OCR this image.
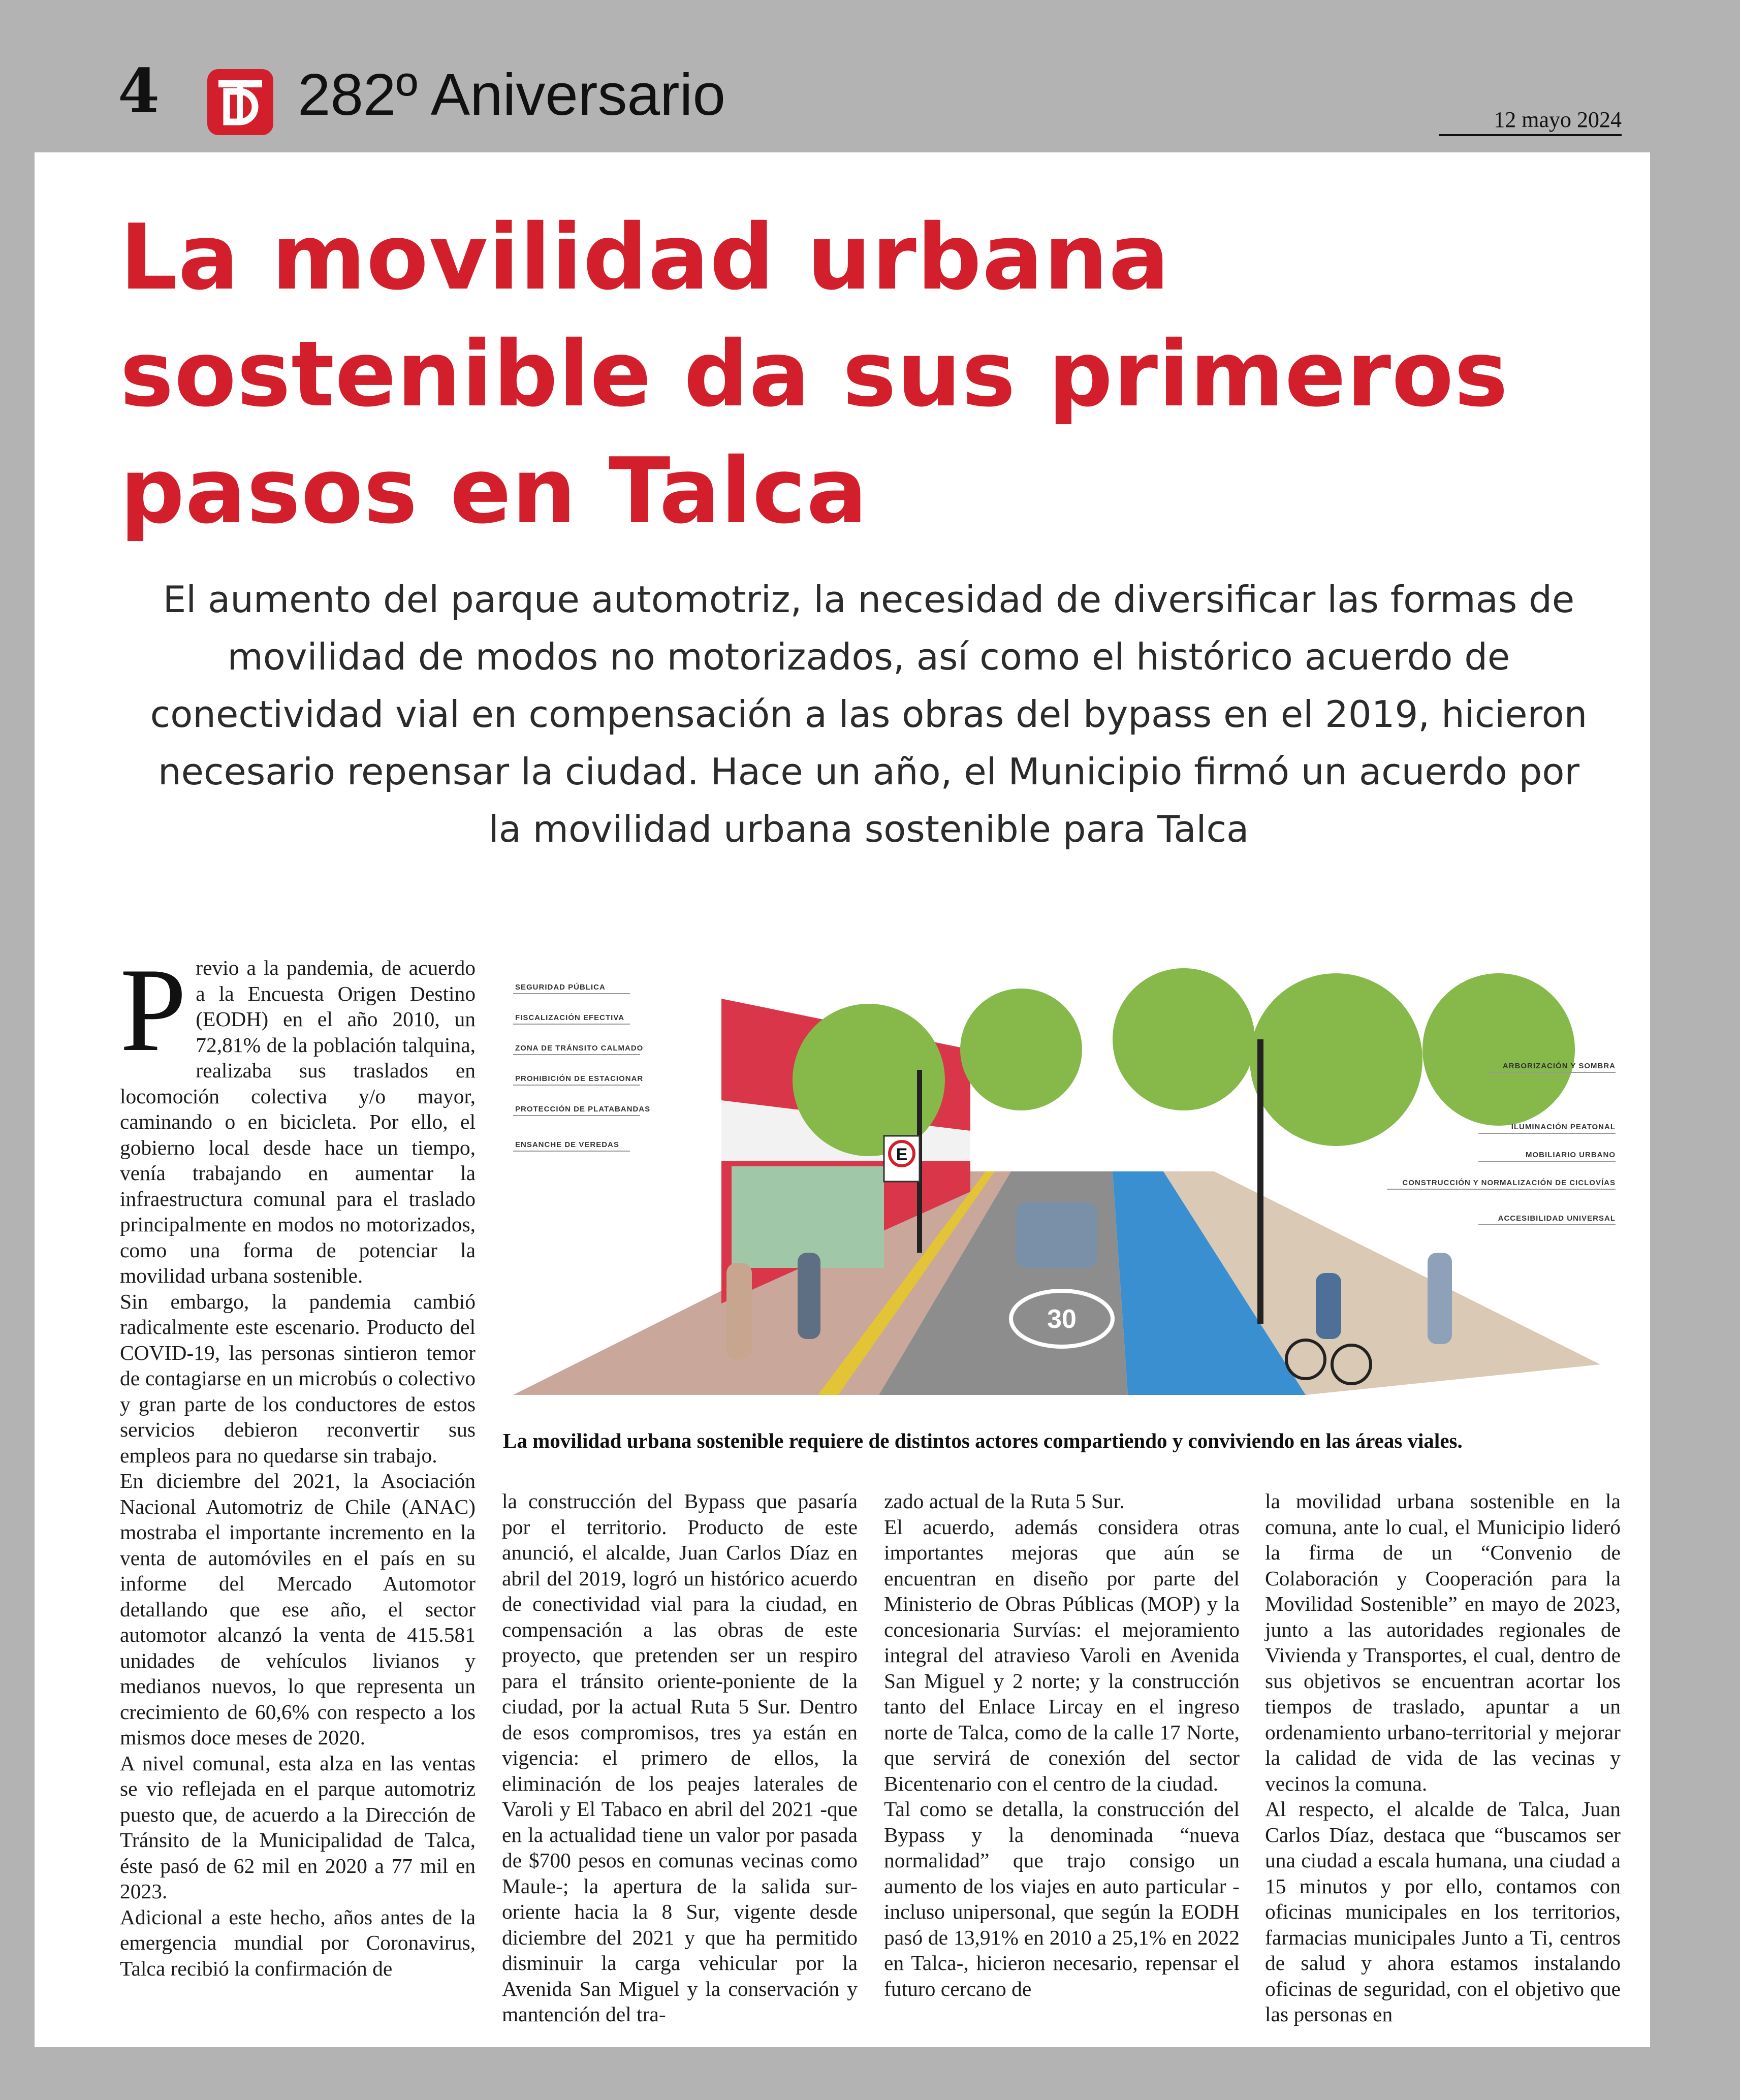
4 282º Aniversario	12 mayo 2024
La movilidad urbana sostenible da sus primeros pasos en Talca

El aumento del parque automotriz, la necesidad de diversificar las formas de movilidad de modos no motorizados, así como el histórico acuerdo de conectividad vial en compensación a las obras del bypass en el 2019, hicieron necesario repensar la ciudad. Hace un año, el Municipio firmó un acuerdo por la movilidad urbana sostenible para Talca

Previo a la pandemia, de acuerdo a la Encuesta Origen Destino (EODH) en el año 2010, un 72,81% de la población talquina, realizaba sus traslados en locomoción colectiva y/o mayor, caminando o en bicicleta. Por ello, el gobierno local desde hace un tiempo, venía trabajando en aumentar la infraestructura comunal para el traslado principalmente en modos no motorizados, como una forma de potenciar la movilidad urbana sostenible.

Sin embargo, la pandemia cambió radicalmente este escenario. Producto del COVID-19, las personas sintieron temor de contagiarse en un microbús o colectivo y gran parte de los conductores de estos servicios debieron reconvertir sus empleos para no quedarse sin trabajo.

En diciembre del 2021, la Asociación Nacional Automotriz de Chile (ANAC) mostraba el importante incremento en la venta de automóviles en el país en su informe del Mercado Automotor detallando que ese año, el sector automotor alcanzó la venta de 415.581 unidades de vehículos livianos y medianos nuevos, lo que representa un crecimiento de 60,6% con respecto a los mismos doce meses de 2020.

A nivel comunal, esta alza en las ventas se vio reflejada en el parque automotriz puesto que, de acuerdo a la Dirección de Tránsito de la Municipalidad de Talca, éste pasó de 62 mil en 2020 a 77 mil en 2023.

Adicional a este hecho, años antes de la emergencia mundial por Coronavirus, Talca recibió la confirmación de

30
E
SEGURIDAD PÚBLICA
FISCALIZACIÓN EFECTIVA
ZONA DE TRÁNSITO CALMADO
PROHIBICIÓN DE ESTACIONAR
PROTECCIÓN DE PLATABANDAS
ENSANCHE DE VEREDAS
ARBORIZACIÓN Y SOMBRA
ILUMINACIÓN PEATONAL
MOBILIARIO URBANO
CONSTRUCCIÓN Y NORMALIZACIÓN DE CICLOVÍAS
ACCESIBILIDAD UNIVERSAL
La movilidad urbana sostenible requiere de distintos actores compartiendo y conviviendo en las áreas viales.

la construcción del Bypass que pasaría por el territorio. Producto de este anunció, el alcalde, Juan Carlos Díaz en abril del 2019, logró un histórico acuerdo de conectividad vial para la ciudad, en compensación a las obras de este proyecto, que pretenden ser un respiro para el tránsito oriente-poniente de la ciudad, por la actual Ruta 5 Sur. Dentro de esos compromisos, tres ya están en vigencia: el primero de ellos, la eliminación de los peajes laterales de Varoli y El Tabaco en abril del 2021 -que en la actualidad tiene un valor por pasada de $700 pesos en comunas vecinas como Maule-; la apertura de la salida sur-oriente hacia la 8 Sur, vigente desde diciembre del 2021 y que ha permitido disminuir la carga vehicular por la Avenida San Miguel y la conservación y mantención del tra-

zado actual de la Ruta 5 Sur.

El acuerdo, además considera otras importantes mejoras que aún se encuentran en diseño por parte del Ministerio de Obras Públicas (MOP) y la concesionaria Survías: el mejoramiento integral del atravieso Varoli en Avenida San Miguel y 2 norte; y la construcción tanto del Enlace Lircay en el ingreso norte de Talca, como de la calle 17 Norte, que servirá de conexión del sector Bicentenario con el centro de la ciudad.

Tal como se detalla, la construcción del Bypass y la denominada “nueva normalidad” que trajo consigo un aumento de los viajes en auto particular -incluso unipersonal, que según la EODH pasó de 13,91% en 2010 a 25,1% en 2022 en Talca-, hicieron necesario, repensar el futuro cercano de

la movilidad urbana sostenible en la comuna, ante lo cual, el Municipio lideró la firma de un “Convenio de Colaboración y Cooperación para la Movilidad Sostenible” en mayo de 2023, junto a las autoridades regionales de Vivienda y Transportes, el cual, dentro de sus objetivos se encuentran acortar los tiempos de traslado, apuntar a un ordenamiento urbano-territorial y mejorar la calidad de vida de las vecinas y vecinos la comuna.

Al respecto, el alcalde de Talca, Juan Carlos Díaz, destaca que “buscamos ser una ciudad a escala humana, una ciudad a 15 minutos y por ello, contamos con oficinas municipales en los territorios, farmacias municipales Junto a Ti, centros de salud y ahora estamos instalando oficinas de seguridad, con el objetivo que las personas en
